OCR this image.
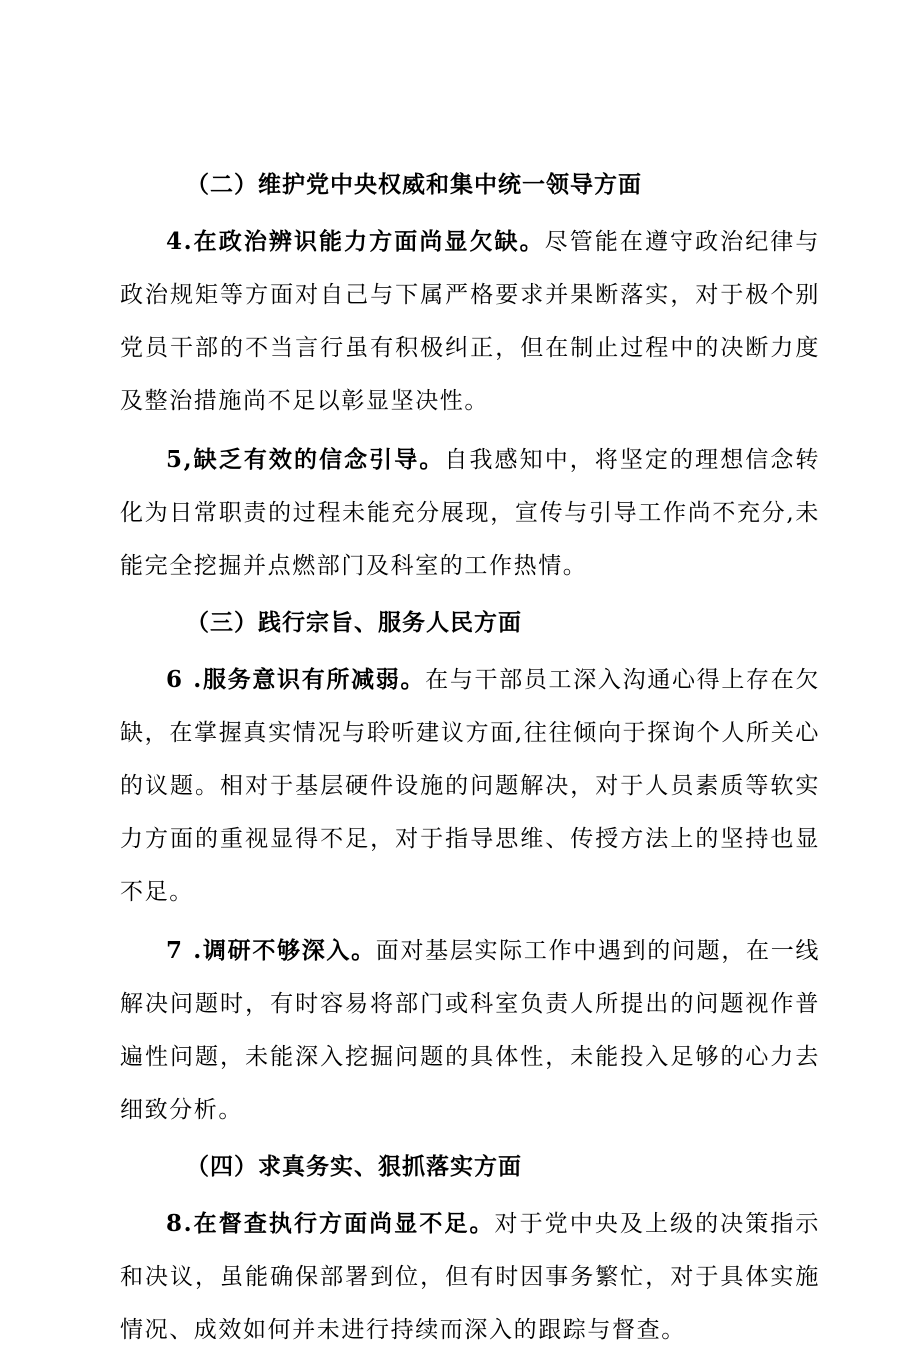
（二）维护党中央权威和集中统一领导方面

4.在政治辨识能力方面尚显欠缺。尽管能在遵守政治纪律与政治规矩等方面对自己与下属严格要求并果断落实，对于极个别党员干部的不当言行虽有积极纠正，但在制止过程中的决断力度及整治措施尚不足以彰显坚决性。

5,缺乏有效的信念引导。自我感知中，将坚定的理想信念转化为日常职责的过程未能充分展现，宣传与引导工作尚不充分,未能完全挖掘并点燃部门及科室的工作热情。

（三）践行宗旨、服务人民方面

6 .服务意识有所减弱。在与干部员工深入沟通心得上存在欠缺，在掌握真实情况与聆听建议方面,往往倾向于探询个人所关心的议题。相对于基层硬件设施的问题解决，对于人员素质等软实力方面的重视显得不足，对于指导思维、传授方法上的坚持也显不足。

7 .调研不够深入。面对基层实际工作中遇到的问题，在一线解决问题时，有时容易将部门或科室负责人所提出的问题视作普遍性问题，未能深入挖掘问题的具体性，未能投入足够的心力去细致分析。

（四）求真务实、狠抓落实方面

8.在督查执行方面尚显不足。对于党中央及上级的决策指示和决议，虽能确保部署到位，但有时因事务繁忙，对于具体实施情况、成效如何并未进行持续而深入的跟踪与督查。
